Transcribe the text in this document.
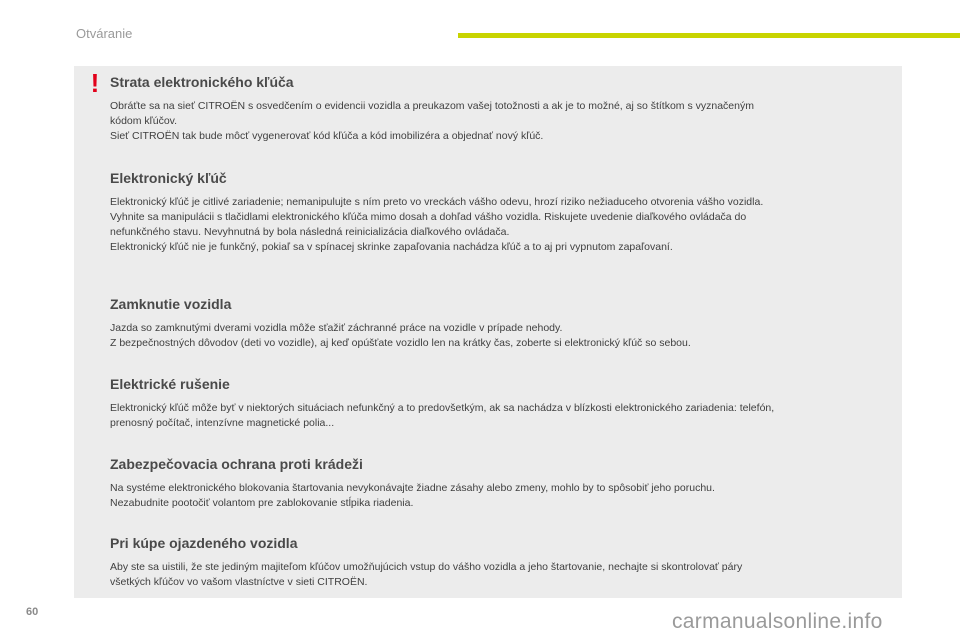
Otváranie
! Strata elektronického kľúča
Obráťte sa na sieť CITROËN s osvedčením o evidencii vozidla a preukazom vašej totožnosti a ak je to možné, aj so štítkom s vyznačeným
kódom kľúčov.
Sieť CITROËN tak bude môcť vygenerovať kód kľúča a kód imobilizéra a objednať nový kľúč.
Elektronický kľúč
Elektronický kľúč je citlivé zariadenie; nemanipulujte s ním preto vo vreckách vášho odevu, hrozí riziko nežiaduceho otvorenia vášho vozidla.
Vyhnite sa manipulácii s tlačidlami elektronického kľúča mimo dosah a dohľad vášho vozidla. Riskujete uvedenie diaľkového ovládača do
nefunkčného stavu. Nevyhnutná by bola následná reinicializácia diaľkového ovládača.
Elektronický kľúč nie je funkčný, pokiaľ sa v spínacej skrinke zapaľovania nachádza kľúč a to aj pri vypnutom zapaľovaní.
Zamknutie vozidla
Jazda so zamknutými dverami vozidla môže sťažiť záchranné práce na vozidle v prípade nehody.
Z bezpečnostných dôvodov (deti vo vozidle), aj keď opúšťate vozidlo len na krátky čas, zoberte si elektronický kľúč so sebou.
Elektrické rušenie
Elektronický kľúč môže byť v niektorých situáciach nefunkčný a to predovšetkým, ak sa nachádza v blízkosti elektronického zariadenia: telefón,
prenosný počítač, intenzívne magnetické polia...
Zabezpečovacia ochrana proti krádeži
Na systéme elektronického blokovania štartovania nevykonávajte žiadne zásahy alebo zmeny, mohlo by to spôsobiť jeho poruchu.
Nezabudnite pootočiť volantom pre zablokovanie stĺpika riadenia.
Pri kúpe ojazdeného vozidla
Aby ste sa uistili, že ste jediným majiteľom kľúčov umožňujúcich vstup do vášho vozidla a jeho štartovanie, nechajte si skontrolovať páry
všetkých kľúčov vo vašom vlastníctve v sieti CITROËN.
60	carmanualsonline.info
